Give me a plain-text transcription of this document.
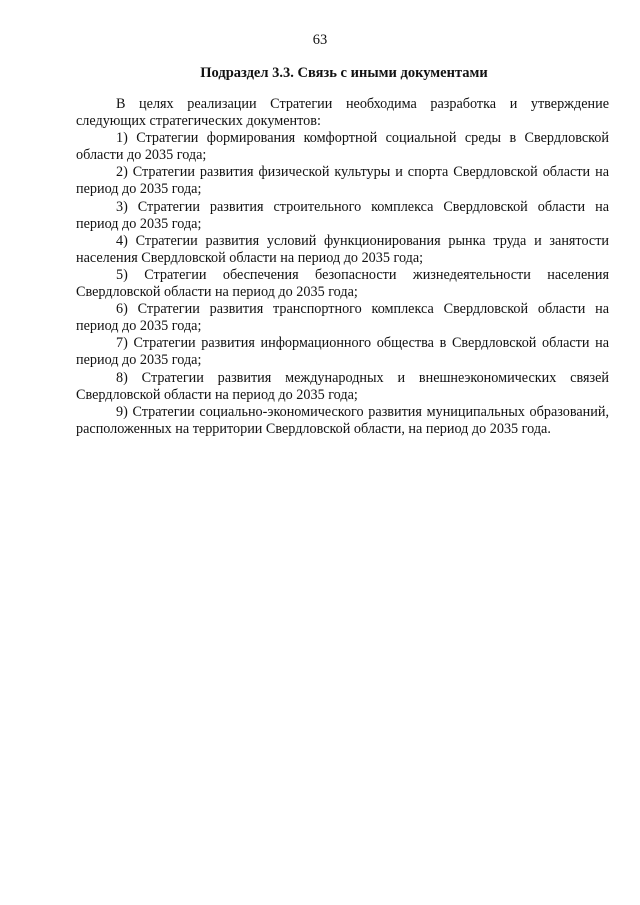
63
Подраздел 3.3. Связь с иными документами

В целях реализации Стратегии необходима разработка и утверждение следующих стратегических документов:

1) Стратегии формирования комфортной социальной среды в Свердловской области до 2035 года;

2) Стратегии развития физической культуры и спорта Свердловской области на период до 2035 года;

3) Стратегии развития строительного комплекса Свердловской области на период до 2035 года;

4) Стратегии развития условий функционирования рынка труда и занятости населения Свердловской области на период до 2035 года;

5) Стратегии обеспечения безопасности жизнедеятельности населения Свердловской области на период до 2035 года;

6) Стратегии развития транспортного комплекса Свердловской области на период до 2035 года;

7) Стратегии развития информационного общества в Свердловской области на период до 2035 года;

8) Стратегии развития международных и внешнеэкономических связей Свердловской области на период до 2035 года;

9) Стратегии социально-экономического развития муниципальных образований, расположенных на территории Свердловской области, на период до 2035 года.
